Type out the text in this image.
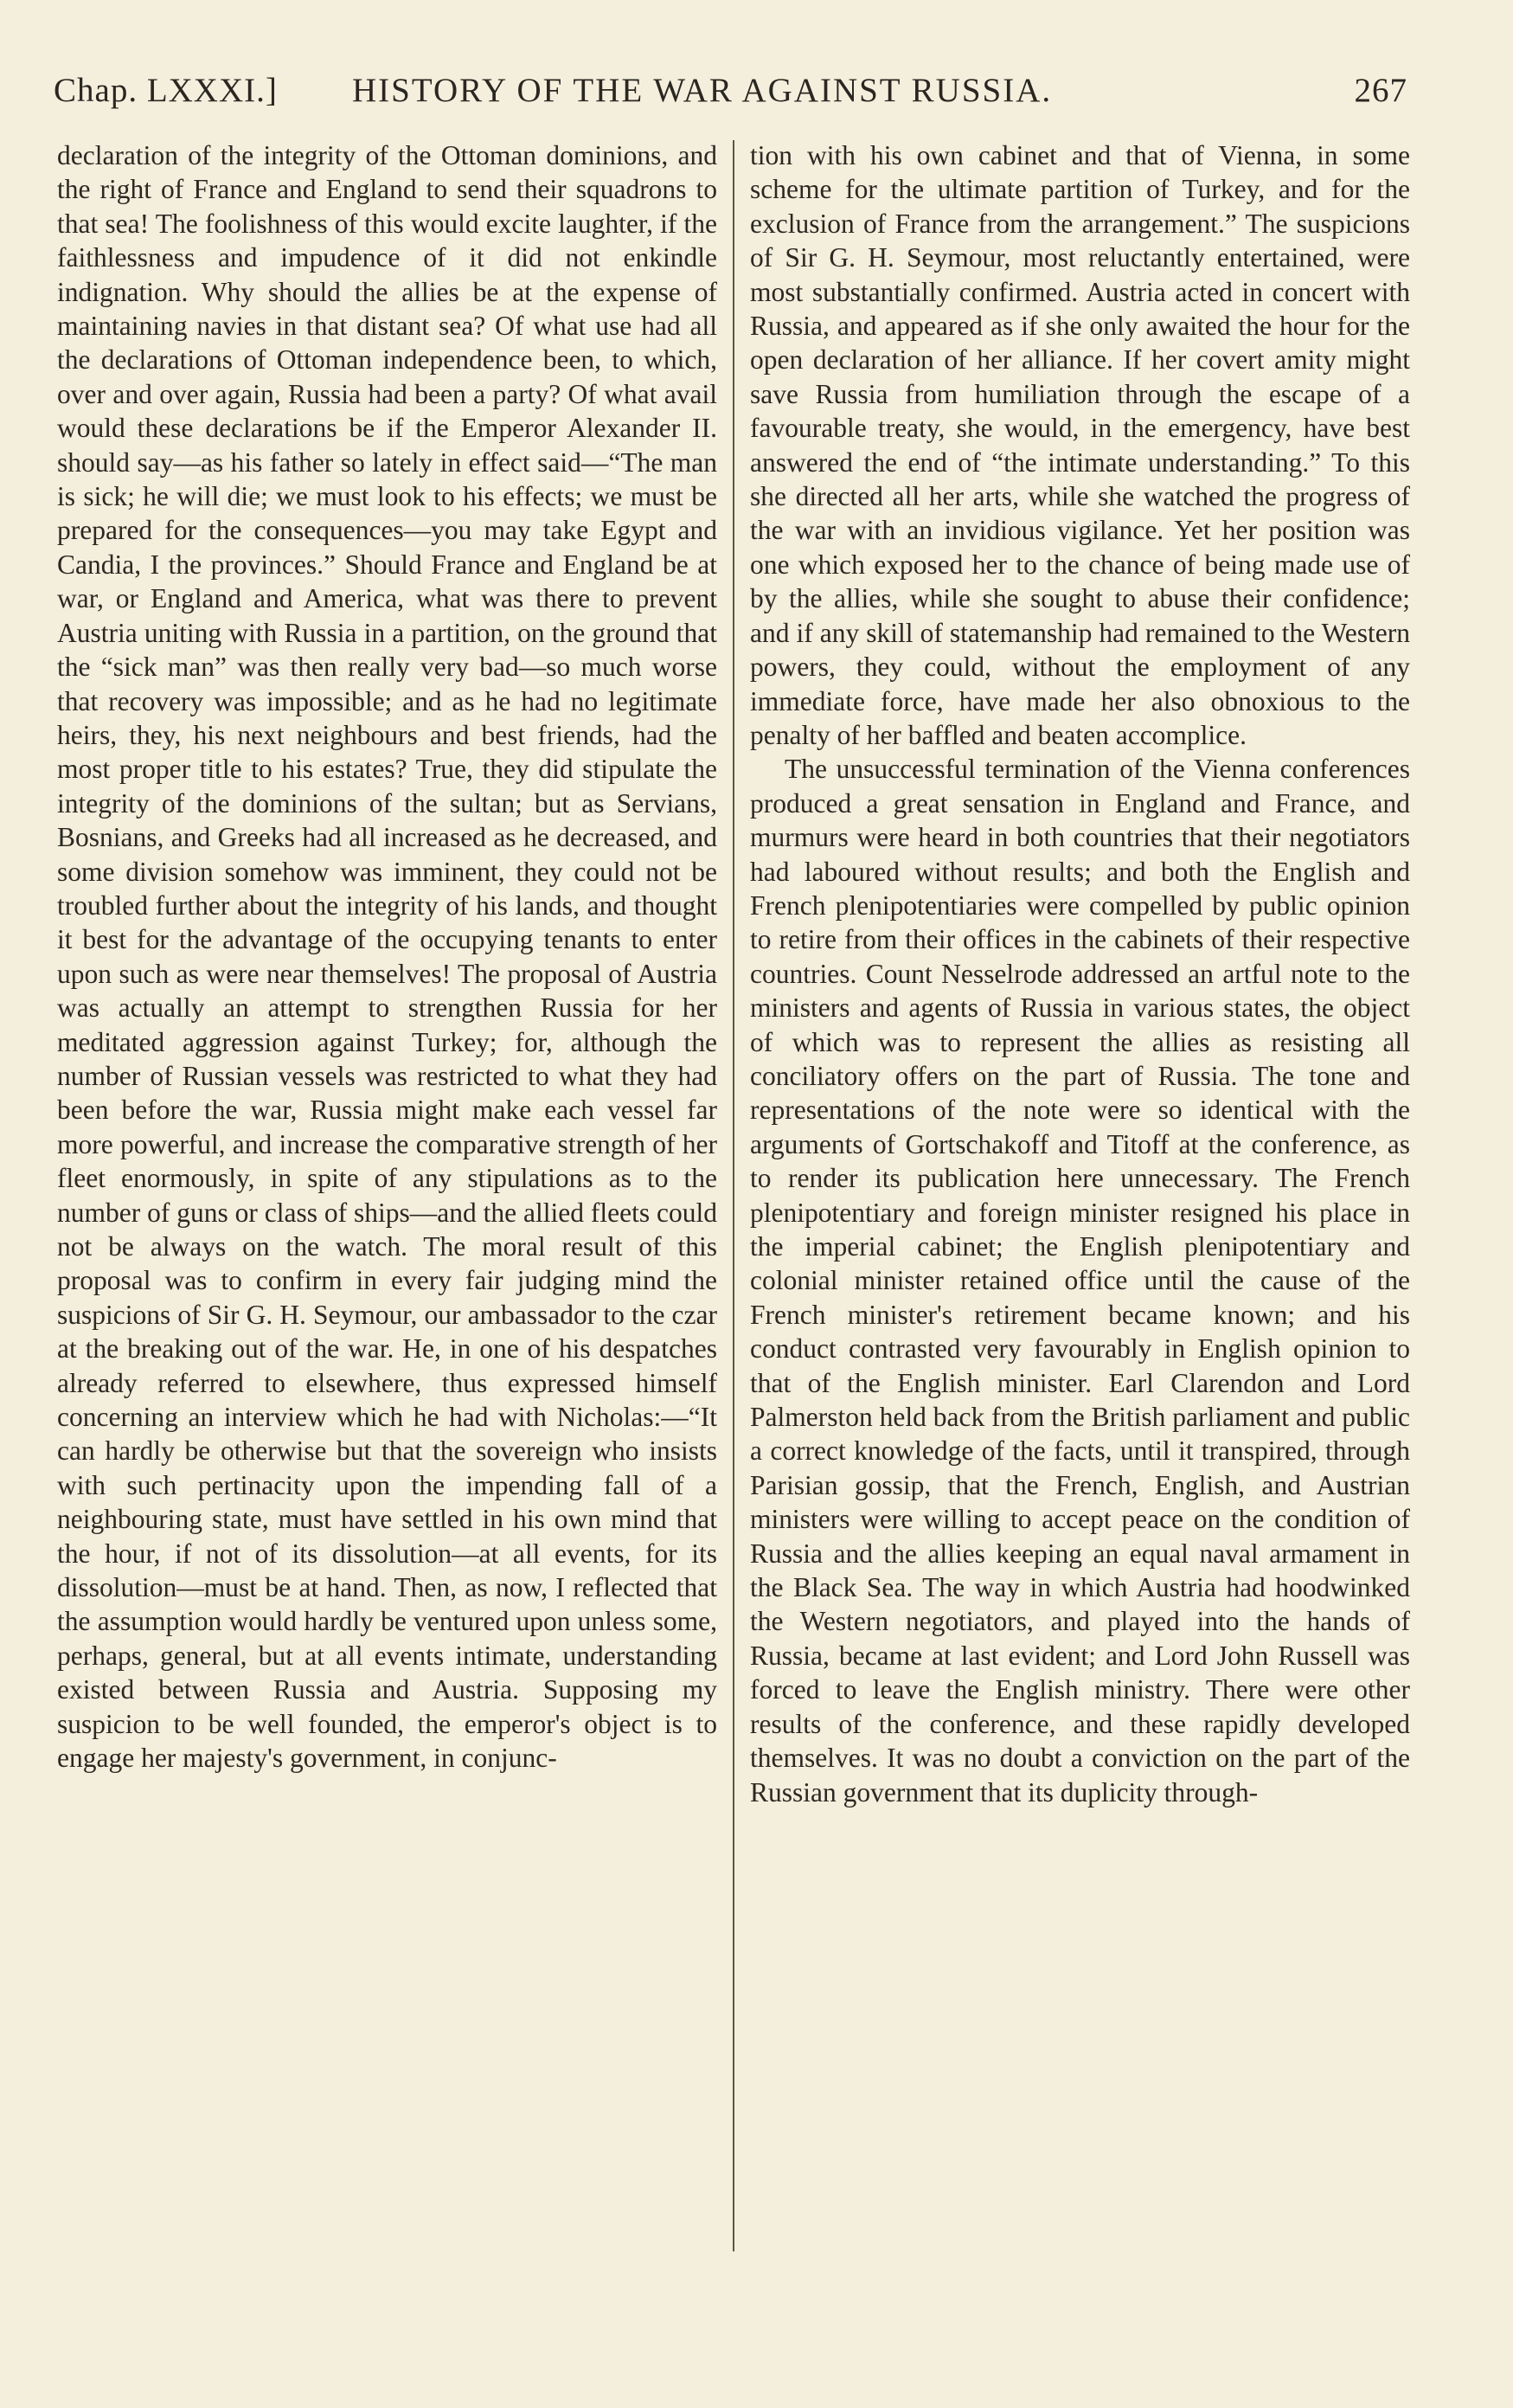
Chap. LXXXI.] HISTORY OF THE WAR AGAINST RUSSIA.	267

declaration of the integrity of the Ottoman dominions, and the right of France and England to send their squadrons to that sea! The foolishness of this would excite laughter, if the faithlessness and impudence of it did not enkindle indignation. Why should the allies be at the expense of maintaining navies in that distant sea? Of what use had all the declarations of Ottoman independence been, to which, over and over again, Russia had been a party? Of what avail would these declarations be if the Emperor Alexander II. should say—as his father so lately in effect said—“The man is sick; he will die; we must look to his effects; we must be prepared for the consequences—you may take Egypt and Candia, I the provinces.” Should France and England be at war, or England and America, what was there to prevent Austria uniting with Russia in a partition, on the ground that the “sick man” was then really very bad—so much worse that recovery was impossible; and as he had no legitimate heirs, they, his next neighbours and best friends, had the most proper title to his estates? True, they did stipulate the integrity of the dominions of the sultan; but as Servians, Bosnians, and Greeks had all increased as he decreased, and some division somehow was imminent, they could not be troubled further about the integrity of his lands, and thought it best for the advantage of the occupying tenants to enter upon such as were near themselves! The proposal of Austria was actually an attempt to strengthen Russia for her meditated aggression against Turkey; for, although the number of Russian vessels was restricted to what they had been before the war, Russia might make each vessel far more powerful, and increase the comparative strength of her fleet enormously, in spite of any stipulations as to the number of guns or class of ships—and the allied fleets could not be always on the watch. The moral result of this proposal was to confirm in every fair judging mind the suspicions of Sir G. H. Seymour, our ambassador to the czar at the breaking out of the war. He, in one of his despatches already referred to elsewhere, thus expressed himself concerning an interview which he had with Nicholas:—“It can hardly be otherwise but that the sovereign who insists with such pertinacity upon the impending fall of a neighbouring state, must have settled in his own mind that the hour, if not of its dissolution—at all events, for its dissolution—must be at hand. Then, as now, I reflected that the assumption would hardly be ventured upon unless some, perhaps, general, but at all events intimate, understanding existed between Russia and Austria. Supposing my suspicion to be well founded, the emperor's object is to engage her majesty's government, in conjunc-

tion with his own cabinet and that of Vienna, in some scheme for the ultimate partition of Turkey, and for the exclusion of France from the arrangement.” The suspicions of Sir G. H. Seymour, most reluctantly entertained, were most substantially confirmed. Austria acted in concert with Russia, and appeared as if she only awaited the hour for the open declaration of her alliance. If her covert amity might save Russia from humiliation through the escape of a favourable treaty, she would, in the emergency, have best answered the end of “the intimate understanding.” To this she directed all her arts, while she watched the progress of the war with an invidious vigilance. Yet her position was one which exposed her to the chance of being made use of by the allies, while she sought to abuse their confidence; and if any skill of statemanship had remained to the Western powers, they could, without the employment of any immediate force, have made her also obnoxious to the penalty of her baffled and beaten accomplice.

The unsuccessful termination of the Vienna conferences produced a great sensation in England and France, and murmurs were heard in both countries that their negotiators had laboured without results; and both the English and French plenipotentiaries were compelled by public opinion to retire from their offices in the cabinets of their respective countries. Count Nesselrode addressed an artful note to the ministers and agents of Russia in various states, the object of which was to represent the allies as resisting all conciliatory offers on the part of Russia. The tone and representations of the note were so identical with the arguments of Gortschakoff and Titoff at the conference, as to render its publication here unnecessary. The French plenipotentiary and foreign minister resigned his place in the imperial cabinet; the English plenipotentiary and colonial minister retained office until the cause of the French minister's retirement became known; and his conduct contrasted very favourably in English opinion to that of the English minister. Earl Clarendon and Lord Palmerston held back from the British parliament and public a correct knowledge of the facts, until it transpired, through Parisian gossip, that the French, English, and Austrian ministers were willing to accept peace on the condition of Russia and the allies keeping an equal naval armament in the Black Sea. The way in which Austria had hoodwinked the Western negotiators, and played into the hands of Russia, became at last evident; and Lord John Russell was forced to leave the English ministry. There were other results of the conference, and these rapidly developed themselves. It was no doubt a conviction on the part of the Russian government that its duplicity through-
